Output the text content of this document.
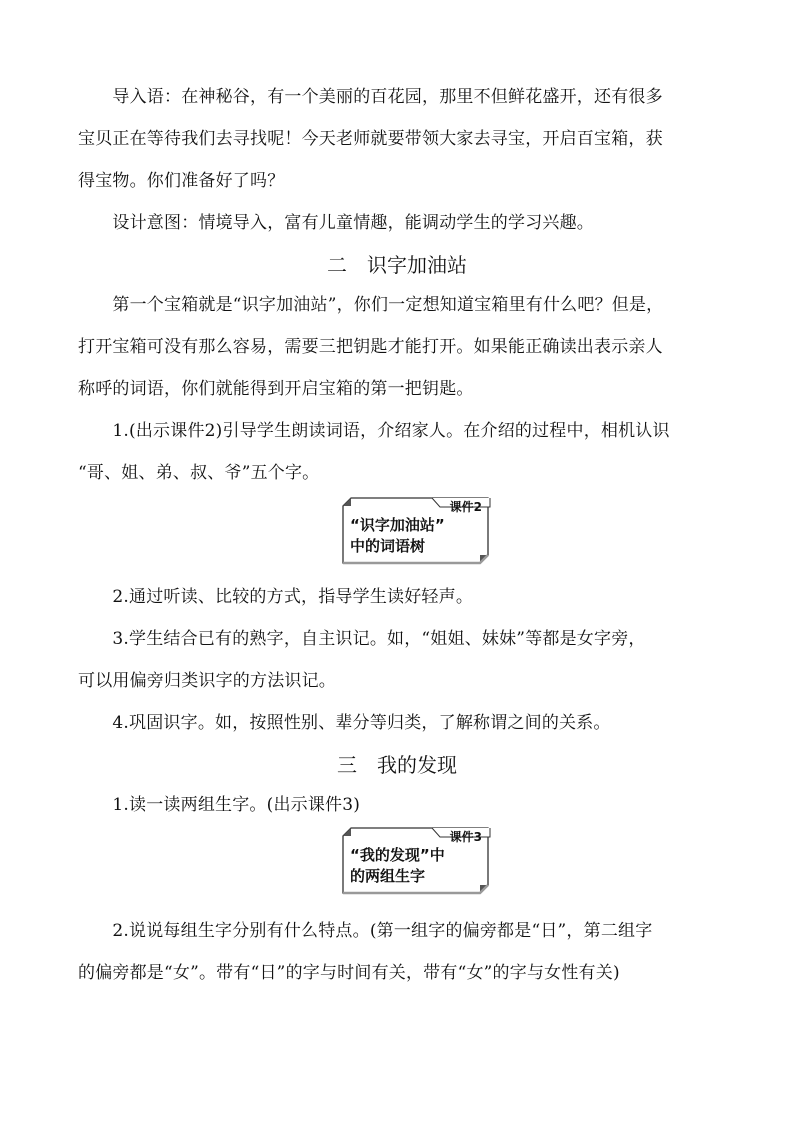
　　导入语：在神秘谷，有一个美丽的百花园，那里不但鲜花盛开，还有很多
宝贝正在等待我们去寻找呢！今天老师就要带领大家去寻宝，开启百宝箱，获
得宝物。你们准备好了吗？
　　设计意图：情境导入，富有儿童情趣，能调动学生的学习兴趣。
二　识字加油站
　　第一个宝箱就是“识字加油站”，你们一定想知道宝箱里有什么吧？但是，
打开宝箱可没有那么容易，需要三把钥匙才能打开。如果能正确读出表示亲人
称呼的词语，你们就能得到开启宝箱的第一把钥匙。
　　1.(出示课件2)引导学生朗读词语，介绍家人。在介绍的过程中，相机认识
“哥、姐、弟、叔、爷”五个字。
课件2
“识字加油站”
中的词语树
　　2.通过听读、比较的方式，指导学生读好轻声。
　　3.学生结合已有的熟字，自主识记。如，“姐姐、妹妹”等都是女字旁，
可以用偏旁归类识字的方法识记。
　　4.巩固识字。如，按照性别、辈分等归类，了解称谓之间的关系。
三　我的发现
　　1.读一读两组生字。(出示课件3)
课件3
“我的发现”中
的两组生字
　　2.说说每组生字分别有什么特点。(第一组字的偏旁都是“日”，第二组字
的偏旁都是“女”。带有“日”的字与时间有关，带有“女”的字与女性有关)
